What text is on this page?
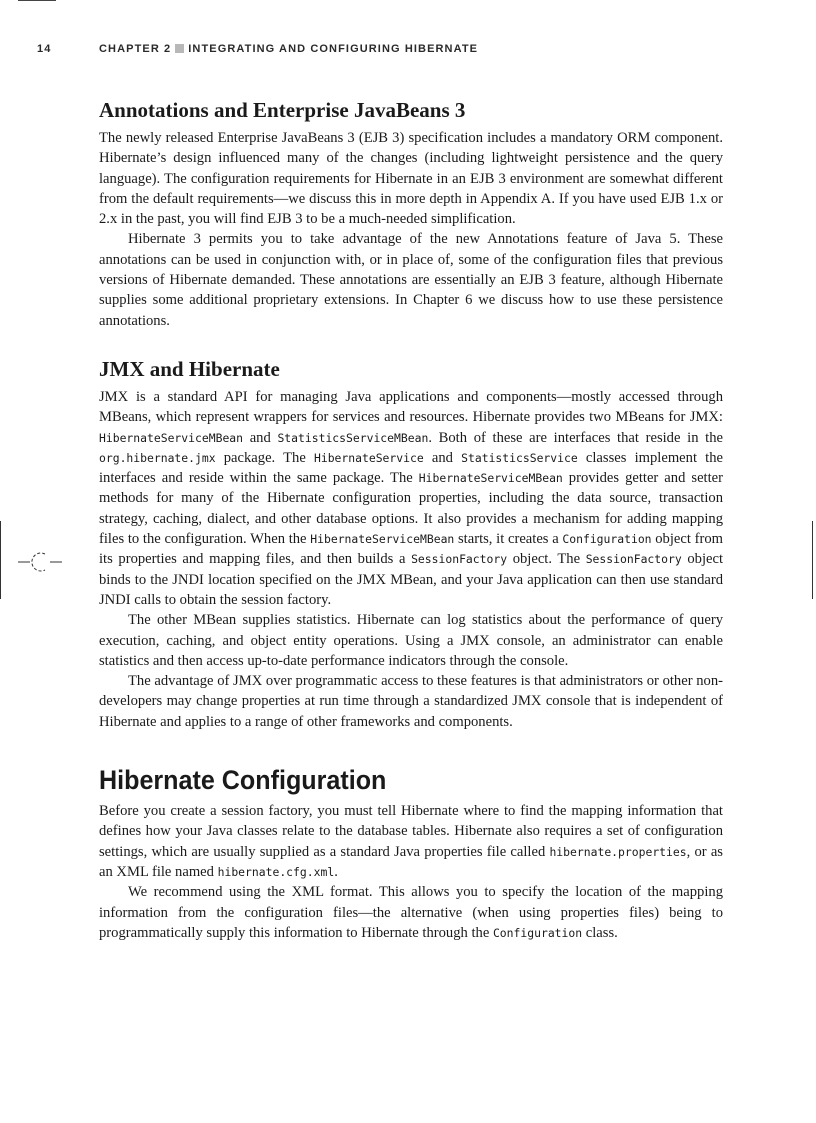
14	CHAPTER 2 INTEGRATING AND CONFIGURING HIBERNATE
Annotations and Enterprise JavaBeans 3

The newly released Enterprise JavaBeans 3 (EJB 3) specification includes a mandatory ORM component. Hibernate’s design influenced many of the changes (including lightweight persistence and the query language). The configuration requirements for Hibernate in an EJB 3 environment are somewhat different from the default requirements—we discuss this in more depth in Appendix A. If you have used EJB 1.x or 2.x in the past, you will find EJB 3 to be a much-needed simplification.

Hibernate 3 permits you to take advantage of the new Annotations feature of Java 5. These annotations can be used in conjunction with, or in place of, some of the configuration files that previous versions of Hibernate demanded. These annotations are essentially an EJB 3 feature, although Hibernate supplies some additional proprietary extensions. In Chapter 6 we discuss how to use these persistence annotations.

JMX and Hibernate

JMX is a standard API for managing Java applications and components—mostly accessed through MBeans, which represent wrappers for services and resources. Hibernate provides two MBeans for JMX: HibernateServiceMBean and StatisticsServiceMBean. Both of these are interfaces that reside in the org.hibernate.jmx package. The HibernateService and StatisticsService classes implement the interfaces and reside within the same package. The HibernateServiceMBean provides getter and setter methods for many of the Hibernate configuration properties, including the data source, transaction strategy, caching, dialect, and other database options. It also provides a mechanism for adding mapping files to the configuration. When the HibernateServiceMBean starts, it creates a Configuration object from its properties and mapping files, and then builds a SessionFactory object. The SessionFactory object binds to the JNDI location specified on the JMX MBean, and your Java application can then use standard JNDI calls to obtain the session factory.

The other MBean supplies statistics. Hibernate can log statistics about the performance of query execution, caching, and object entity operations. Using a JMX console, an administrator can enable statistics and then access up-to-date performance indicators through the console.

The advantage of JMX over programmatic access to these features is that administrators or other non-developers may change properties at run time through a standardized JMX console that is independent of Hibernate and applies to a range of other frameworks and components.

Hibernate Configuration

Before you create a session factory, you must tell Hibernate where to find the mapping information that defines how your Java classes relate to the database tables. Hibernate also requires a set of configuration settings, which are usually supplied as a standard Java properties file called hibernate.properties, or as an XML file named hibernate.cfg.xml.

We recommend using the XML format. This allows you to specify the location of the mapping information from the configuration files—the alternative (when using properties files) being to programmatically supply this information to Hibernate through the Configuration class.
